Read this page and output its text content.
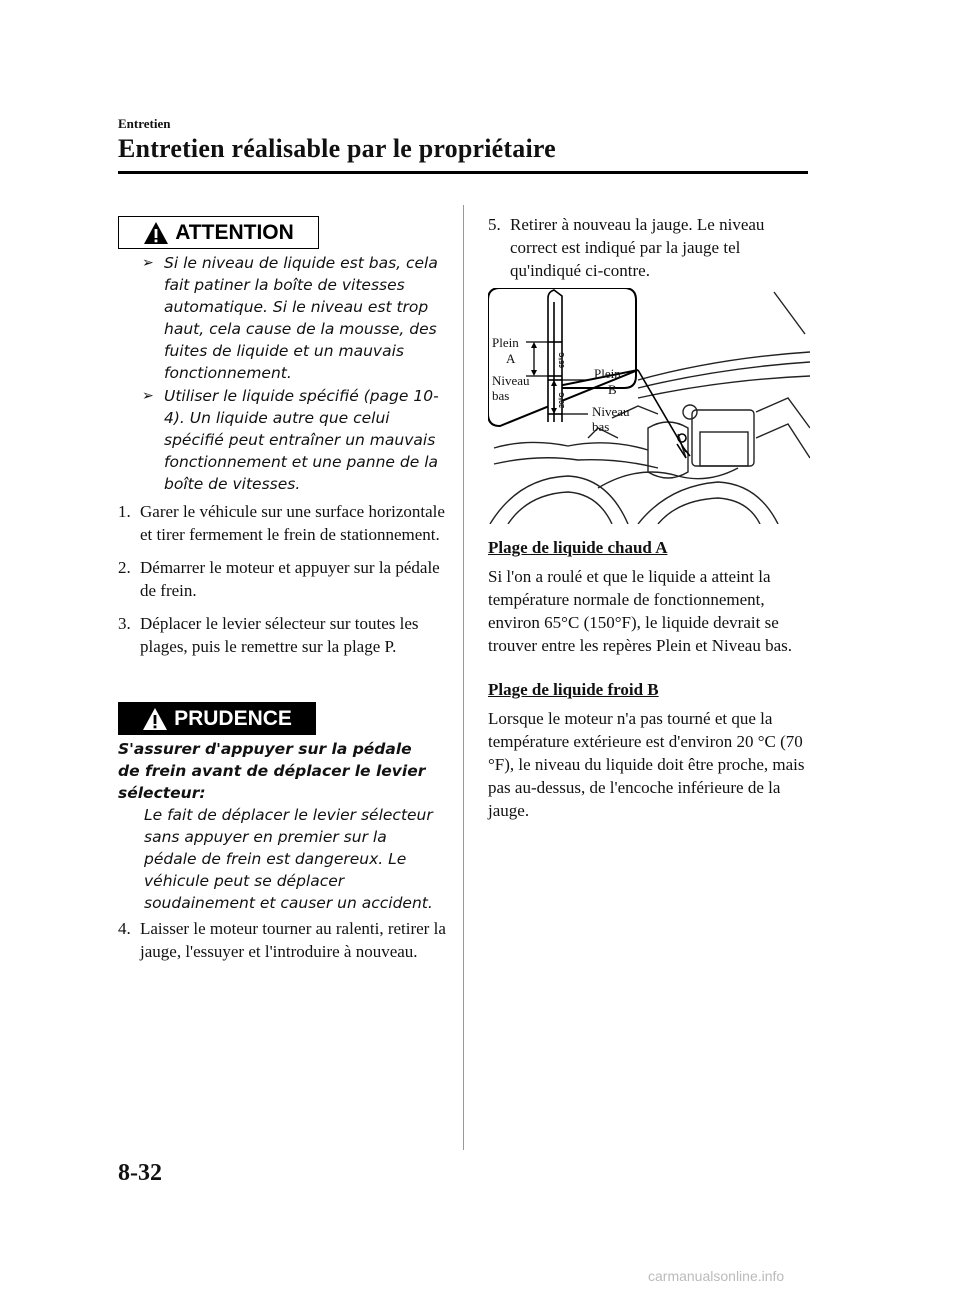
Entretien
Entretien réalisable par le propriétaire
ATTENTION
➢ Si le niveau de liquide est bas, cela fait patiner la boîte de vitesses automatique. Si le niveau est trop haut, cela cause de la mousse, des fuites de liquide et un mauvais fonctionnement.
➢ Utiliser le liquide spécifié (page 10-4). Un liquide autre que celui spécifié peut entraîner un mauvais fonctionnement et une panne de la boîte de vitesses.
1. Garer le véhicule sur une surface horizontale et tirer fermement le frein de stationnement.
2. Démarrer le moteur et appuyer sur la pédale de frein.
3. Déplacer le levier sélecteur sur toutes les plages, puis le remettre sur la plage P.
PRUDENCE
S'assurer d'appuyer sur la pédale de frein avant de déplacer le levier sélecteur:
Le fait de déplacer le levier sélecteur sans appuyer en premier sur la pédale de frein est dangereux. Le véhicule peut se déplacer soudainement et causer un accident.
4. Laisser le moteur tourner au ralenti, retirer la jauge, l'essuyer et l'introduire à nouveau.
5. Retirer à nouveau la jauge. Le niveau correct est indiqué par la jauge tel qu'indiqué ci-contre.
65°C
20°C
Plein
A
Niveau
bas
Plein
B
Niveau
bas
Plage de liquide chaud A
Si l'on a roulé et que le liquide a atteint la température normale de fonctionnement, environ 65°C (150°F), le liquide devrait se trouver entre les repères Plein et Niveau bas.
Plage de liquide froid B
Lorsque le moteur n'a pas tourné et que la température extérieure est d'environ 20 °C (70 °F), le niveau du liquide doit être proche, mais pas au-dessus, de l'encoche inférieure de la jauge.
8-32
carmanualsonline.info
